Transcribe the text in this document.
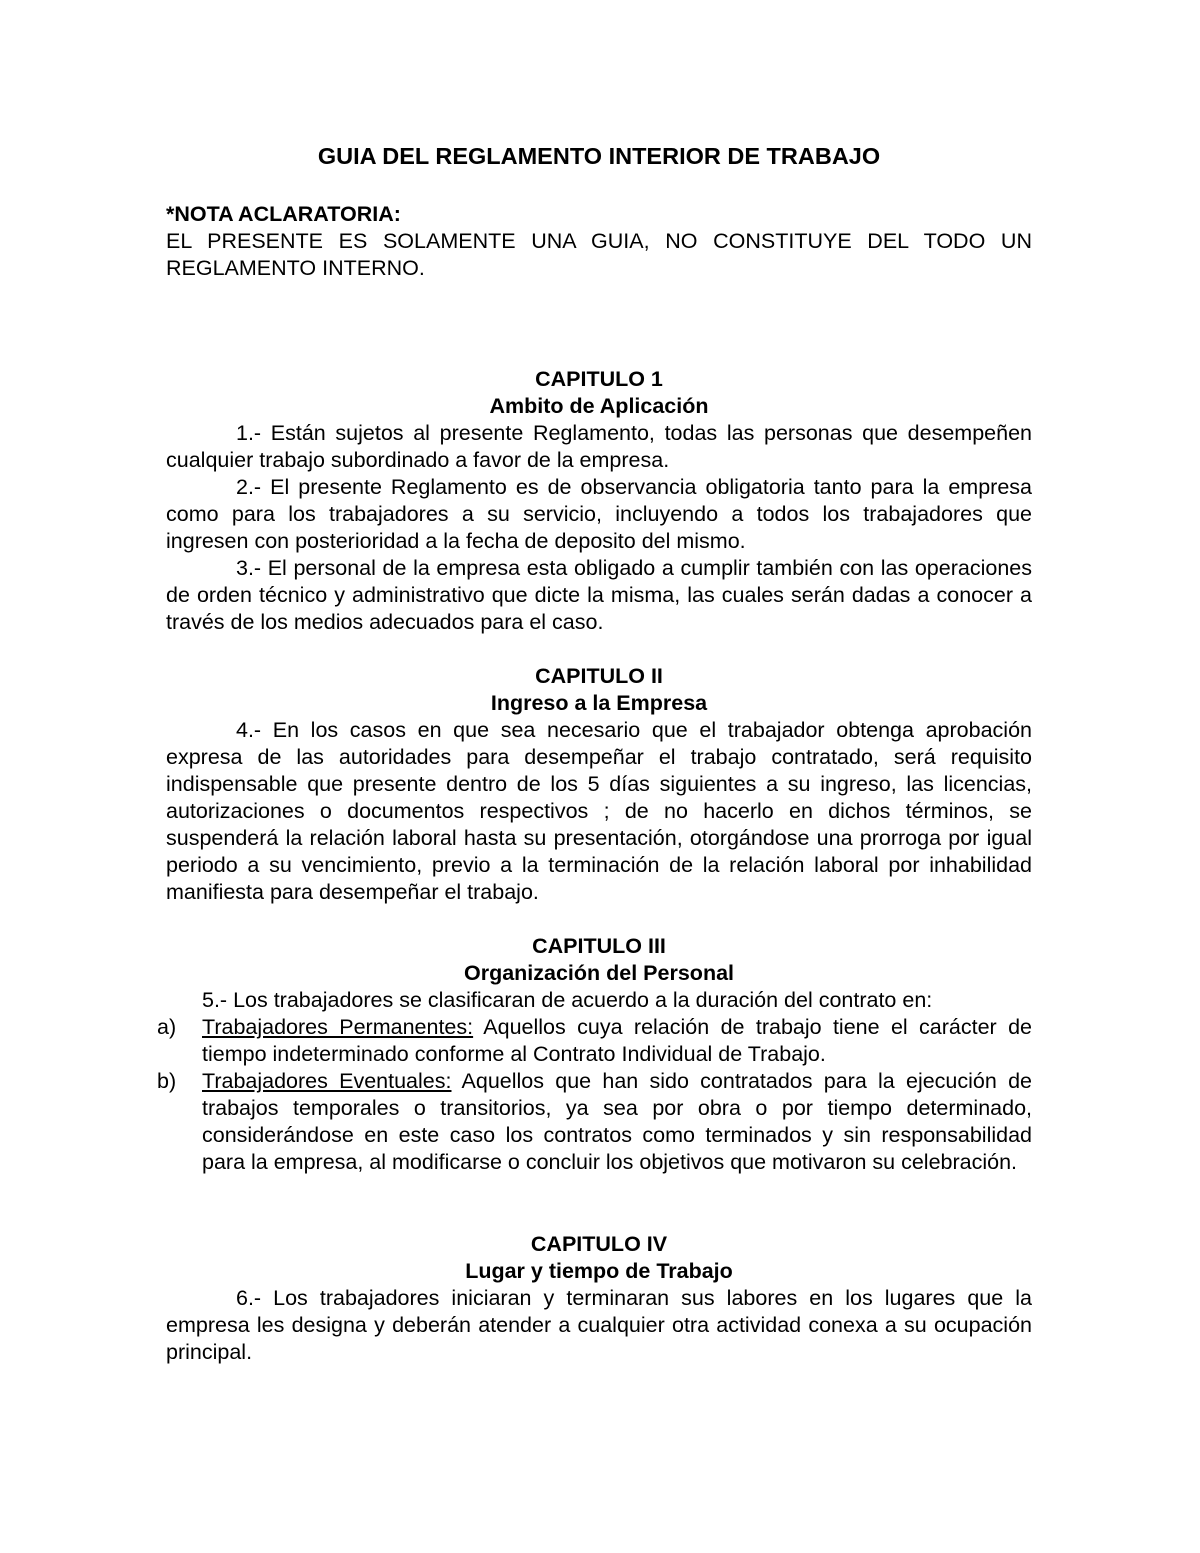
GUIA DEL REGLAMENTO INTERIOR DE TRABAJO
*NOTA ACLARATORIA:
EL PRESENTE ES SOLAMENTE UNA GUIA, NO CONSTITUYE DEL TODO UN REGLAMENTO INTERNO.

CAPITULO 1

Ambito de Aplicación

1.- Están sujetos al presente Reglamento, todas las personas que desempeñen cualquier trabajo subordinado a favor de la empresa.

2.- El presente Reglamento es de observancia obligatoria tanto para la empresa como para los trabajadores a su servicio, incluyendo a todos los trabajadores que ingresen con posterioridad a la fecha de deposito del mismo.

3.- El personal de la empresa esta obligado a cumplir también con las operaciones de orden técnico y administrativo que dicte la misma, las cuales serán dadas a conocer a través de los medios adecuados para el caso.

CAPITULO II

Ingreso a la Empresa

4.- En los casos en que sea necesario que el trabajador obtenga aprobación expresa de las autoridades para desempeñar el trabajo contratado, será requisito indispensable que presente dentro de los 5 días siguientes a su ingreso, las licencias, autorizaciones o documentos respectivos ; de no hacerlo en dichos términos, se suspenderá la relación laboral hasta su presentación, otorgándose una prorroga por igual periodo a su vencimiento, previo a la terminación de la relación laboral por inhabilidad manifiesta para desempeñar el trabajo.

CAPITULO III

Organización del Personal

5.- Los trabajadores se clasificaran de acuerdo a la duración del contrato en:

a) Trabajadores Permanentes: Aquellos cuya relación de trabajo tiene el carácter de tiempo indeterminado conforme al Contrato Individual de Trabajo.

b) Trabajadores Eventuales: Aquellos que han sido contratados para la ejecución de trabajos temporales o transitorios, ya sea por obra o por tiempo determinado, considerándose en este caso los contratos como terminados y sin responsabilidad para la empresa, al modificarse o concluir los objetivos que motivaron su celebración.

CAPITULO IV

Lugar y tiempo de Trabajo

6.- Los trabajadores iniciaran y terminaran sus labores en los lugares que la empresa les designa y deberán atender a cualquier otra actividad conexa a su ocupación principal.
